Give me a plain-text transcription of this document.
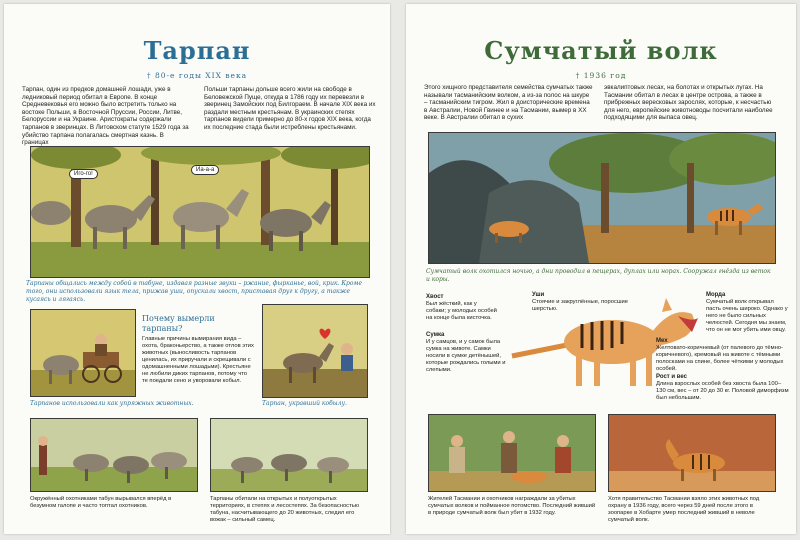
Тарпан
† 80-е годы XIX века
Тарпан, один из предков домашней лошади, уже в ледниковый период обитал в Европе. В конце Средневековья его можно было встретить только на востоке Польши, в Восточной Пруссии, России, Литве, Белоруссии и на Украине. Аристократы содержали тарпанов в зверинцах. В Литовском статуте 1529 года за убийство тарпана полагалась смертная казнь. В границах
Польши тарпаны дольше всего жили на свободе в Беловежской Пуще, откуда в 1786 году их перевезли в зверинец Замойских под Билгораем. В начале XIX века их раздали местным крестьянам. В украинских степях тарпанов видели примерно до 80-х годов XIX века, когда их последние стада были истреблены крестьянами.
Иго-го!
Иа-а-а
Тарпаны общались между собой в табуне, издавая разные звуки – ржание, фырканье, вой, крик. Кроме того, они использовали язык тела, прижав уши, опускали хвост, приставая друг к другу, а также кусаясь и лягаясь.
Почему вымерли тарпаны?
Главные причины вымирания вида – охота, браконьерство, а также отлов этих животных (выносливость тарпанов ценилась, их приручали и скрещивали с одомашненными лошадьми). Крестьяне не любили диких тарпанов, потому что те поедали сено и уворовали кобыл.
Тарпанов использовали как упряжных животных.	Тарпан, укравший кобылу.
Окружённый охотниками табун вырывался вперёд в безумном галопе и часто топтал охотников.
Тарпаны обитали на открытых и полуоткрытых территориях, в степях и лесостепях. За безопасностью табуна, насчитывающего до 20 животных, следил его вожак – сильный самец.
Сумчатый волк
† 1936 год
Этого хищного представителя семейства сумчатых также называли тасманийским волком, а из-за полос на шкуре – тасманийским тигром. Жил в доисторические времена в Австралии, Новой Гвинее и на Тасмании, вымер в XX веке. В Австралии обитал в сухих
эвкалиптовых лесах, на болотах и открытых лугах. На Тасмании обитал в лесах в центре острова, а также в прибрежных вересковых зарослях, которые, к несчастью для него, европейские животноводы посчитали наиболее подходящими для выпаса овец.
Сумчатый волк охотился ночью, а дни проводил в пещерах, дуплах или норах. Сооружал гнёзда из веток и коры.
Хвост
Был жёсткий, как у собаки; у молодых особей на конце была кисточка.
Уши
Стоячие и закруглённые, поросшие шерстью.
Сумка
И у самцов, и у самок была сумка на животе. Самки носили в сумке детёнышей, которые рождались голыми и слепыми.
Морда
Сумчатый волк открывал пасть очень широко. Однако у него не было сильных челюстей. Сегодня мы знаем, что он не мог убить ими овцу.
Мех
Желтовато-коричневый (от палевого до тёмно-коричневого), кремовый на животе с тёмными полосками на спине, более чёткими у молодых особей.
Рост и вес
Длина взрослых особей без хвоста была 100–130 см, вес – от 20 до 30 кг. Половой диморфизм был небольшим.
Жителей Тасмании и охотников награждали за убитых сумчатых волков и пойманное потомство. Последний живший в природе сумчатый волк был убит в 1932 году.
Хотя правительство Тасмании взяло этих животных под охрану в 1936 году, всего через 59 дней после этого в зоопарке в Хобарте умер последний живший в неволе сумчатый волк.
